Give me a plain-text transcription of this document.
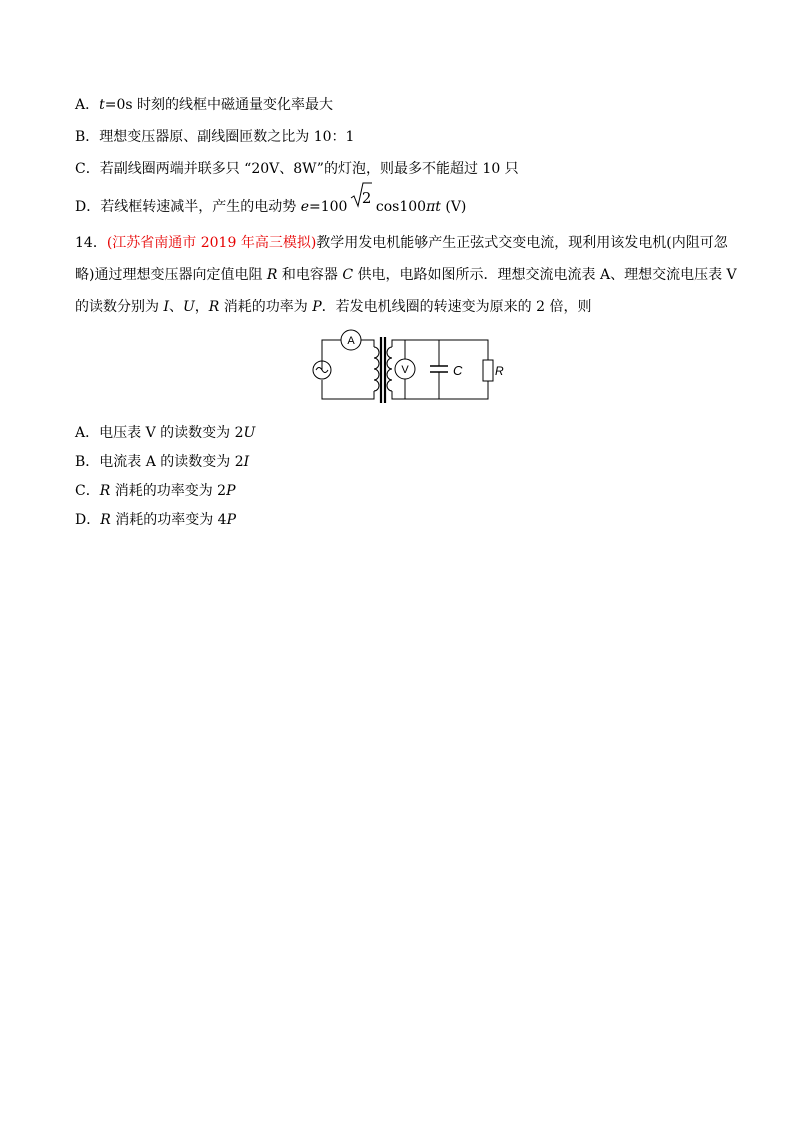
A．t=0s 时刻的线框中磁通量变化率最大
B．理想变压器原、副线圈匝数之比为 10：1
C．若副线圈两端并联多只 “20V、8W”的灯泡，则最多不能超过 10 只
D．若线框转速减半，产生的电动势 e=100 2 cos100πt (V)
14．(江苏省南通市 2019 年高三模拟)教学用发电机能够产生正弦式交变电流，现利用该发电机(内阻可忽
略)通过理想变压器向定值电阻 R 和电容器 C 供电，电路如图所示．理想交流电流表 A、理想交流电压表 V
的读数分别为 I、U，R 消耗的功率为 P．若发电机线圈的转速变为原来的 2 倍，则
A
V	C	R
A．电压表 V 的读数变为 2U
B．电流表 A 的读数变为 2I
C．R 消耗的功率变为 2P
D．R 消耗的功率变为 4P
